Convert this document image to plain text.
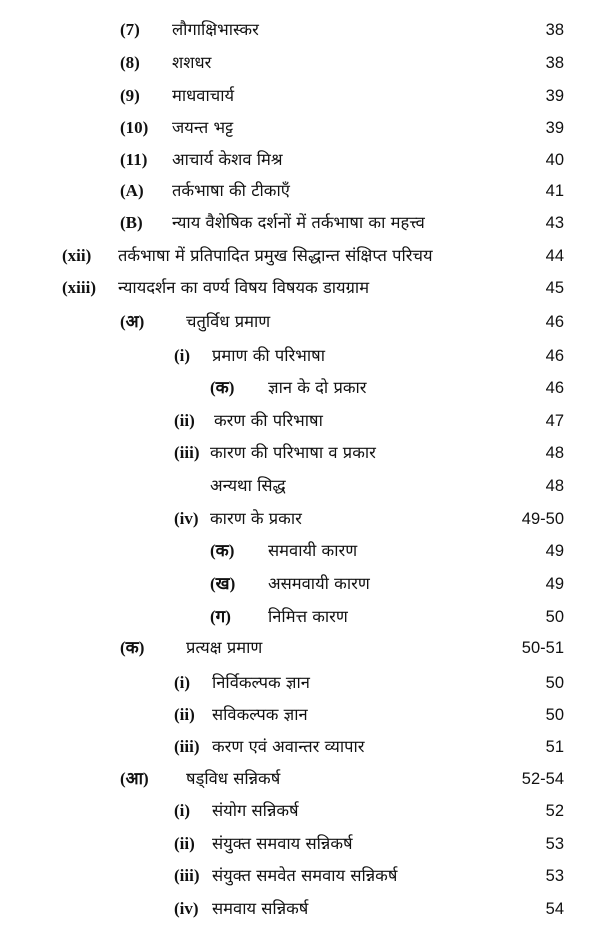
(7) लौगाक्षिभास्कर	38
(8) शशधर	38
(9) माधवाचार्य	39
(10) जयन्त भट्ट	39
(11) आचार्य केशव मिश्र	40
(A) तर्कभाषा की टीकाएँ	41
(B) न्याय वैशेषिक दर्शनों में तर्कभाषा का महत्त्व	43
(xii) तर्कभाषा में प्रतिपादित प्रमुख सिद्धान्त संक्षिप्त परिचय	44
(xiii) न्यायदर्शन का वर्ण्य विषय विषयक डायग्राम	45
(अ)	चतुर्विध प्रमाण	46
(i) प्रमाण की परिभाषा	46
(क) ज्ञान के दो प्रकार	46
(ii) करण की परिभाषा	47
(iii) कारण की परिभाषा व प्रकार	48
अन्यथा सिद्ध	48
(iv) कारण के प्रकार	49-50
(क) समवायी कारण	49
(ख) असमवायी कारण	49
(ग) निमित्त कारण	50
(क)	प्रत्यक्ष प्रमाण	50-51
(i) निर्विकल्पक ज्ञान	50
(ii) सविकल्पक ज्ञान	50
(iii) करण एवं अवान्तर व्यापार	51
(आ) षड्विध सन्निकर्ष	52-54
(i) संयोग सन्निकर्ष	52
(ii) संयुक्त समवाय सन्निकर्ष	53
(iii) संयुक्त समवेत समवाय सन्निकर्ष	53
(iv) समवाय सन्निकर्ष	54
